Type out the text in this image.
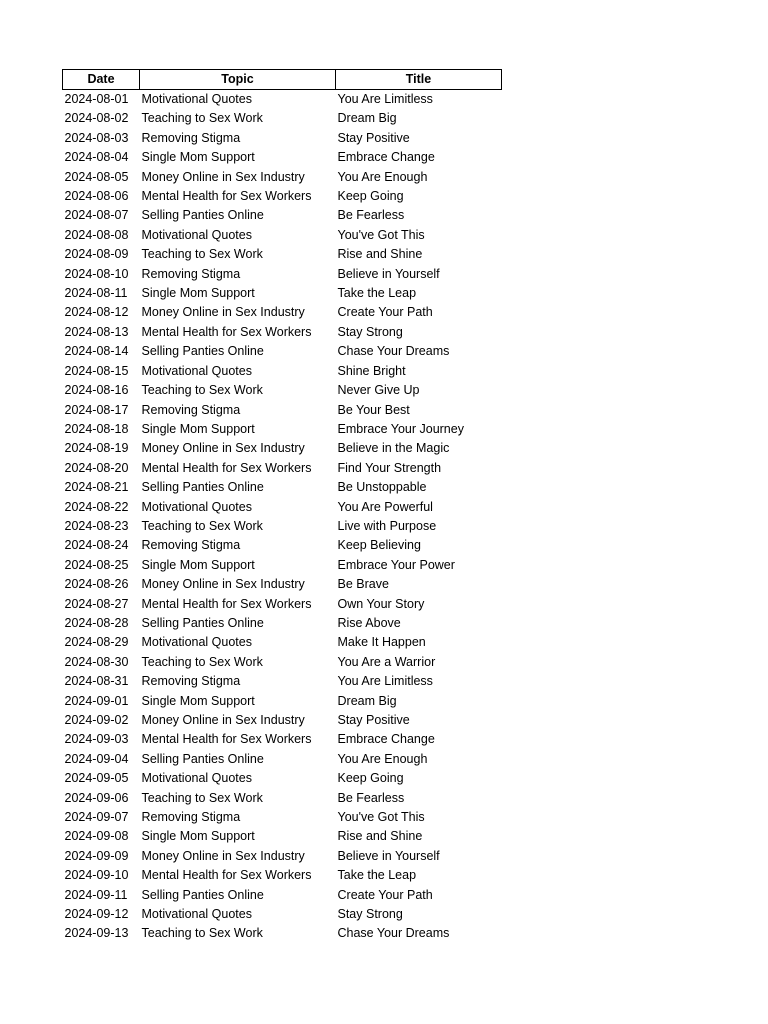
Date	Topic	Title
2024-08-01	Motivational Quotes	You Are Limitless
2024-08-02	Teaching to Sex Work	Dream Big
2024-08-03	Removing Stigma	Stay Positive
2024-08-04	Single Mom Support	Embrace Change
2024-08-05	Money Online in Sex Industry	You Are Enough
2024-08-06	Mental Health for Sex Workers	Keep Going
2024-08-07	Selling Panties Online	Be Fearless
2024-08-08	Motivational Quotes	You've Got This
2024-08-09	Teaching to Sex Work	Rise and Shine
2024-08-10	Removing Stigma	Believe in Yourself
2024-08-11	Single Mom Support	Take the Leap
2024-08-12	Money Online in Sex Industry	Create Your Path
2024-08-13	Mental Health for Sex Workers	Stay Strong
2024-08-14	Selling Panties Online	Chase Your Dreams
2024-08-15	Motivational Quotes	Shine Bright
2024-08-16	Teaching to Sex Work	Never Give Up
2024-08-17	Removing Stigma	Be Your Best
2024-08-18	Single Mom Support	Embrace Your Journey
2024-08-19	Money Online in Sex Industry	Believe in the Magic
2024-08-20	Mental Health for Sex Workers	Find Your Strength
2024-08-21	Selling Panties Online	Be Unstoppable
2024-08-22	Motivational Quotes	You Are Powerful
2024-08-23	Teaching to Sex Work	Live with Purpose
2024-08-24	Removing Stigma	Keep Believing
2024-08-25	Single Mom Support	Embrace Your Power
2024-08-26	Money Online in Sex Industry	Be Brave
2024-08-27	Mental Health for Sex Workers	Own Your Story
2024-08-28	Selling Panties Online	Rise Above
2024-08-29	Motivational Quotes	Make It Happen
2024-08-30	Teaching to Sex Work	You Are a Warrior
2024-08-31	Removing Stigma	You Are Limitless
2024-09-01	Single Mom Support	Dream Big
2024-09-02	Money Online in Sex Industry	Stay Positive
2024-09-03	Mental Health for Sex Workers	Embrace Change
2024-09-04	Selling Panties Online	You Are Enough
2024-09-05	Motivational Quotes	Keep Going
2024-09-06	Teaching to Sex Work	Be Fearless
2024-09-07	Removing Stigma	You've Got This
2024-09-08	Single Mom Support	Rise and Shine
2024-09-09	Money Online in Sex Industry	Believe in Yourself
2024-09-10	Mental Health for Sex Workers	Take the Leap
2024-09-11	Selling Panties Online	Create Your Path
2024-09-12	Motivational Quotes	Stay Strong
2024-09-13	Teaching to Sex Work	Chase Your Dreams
